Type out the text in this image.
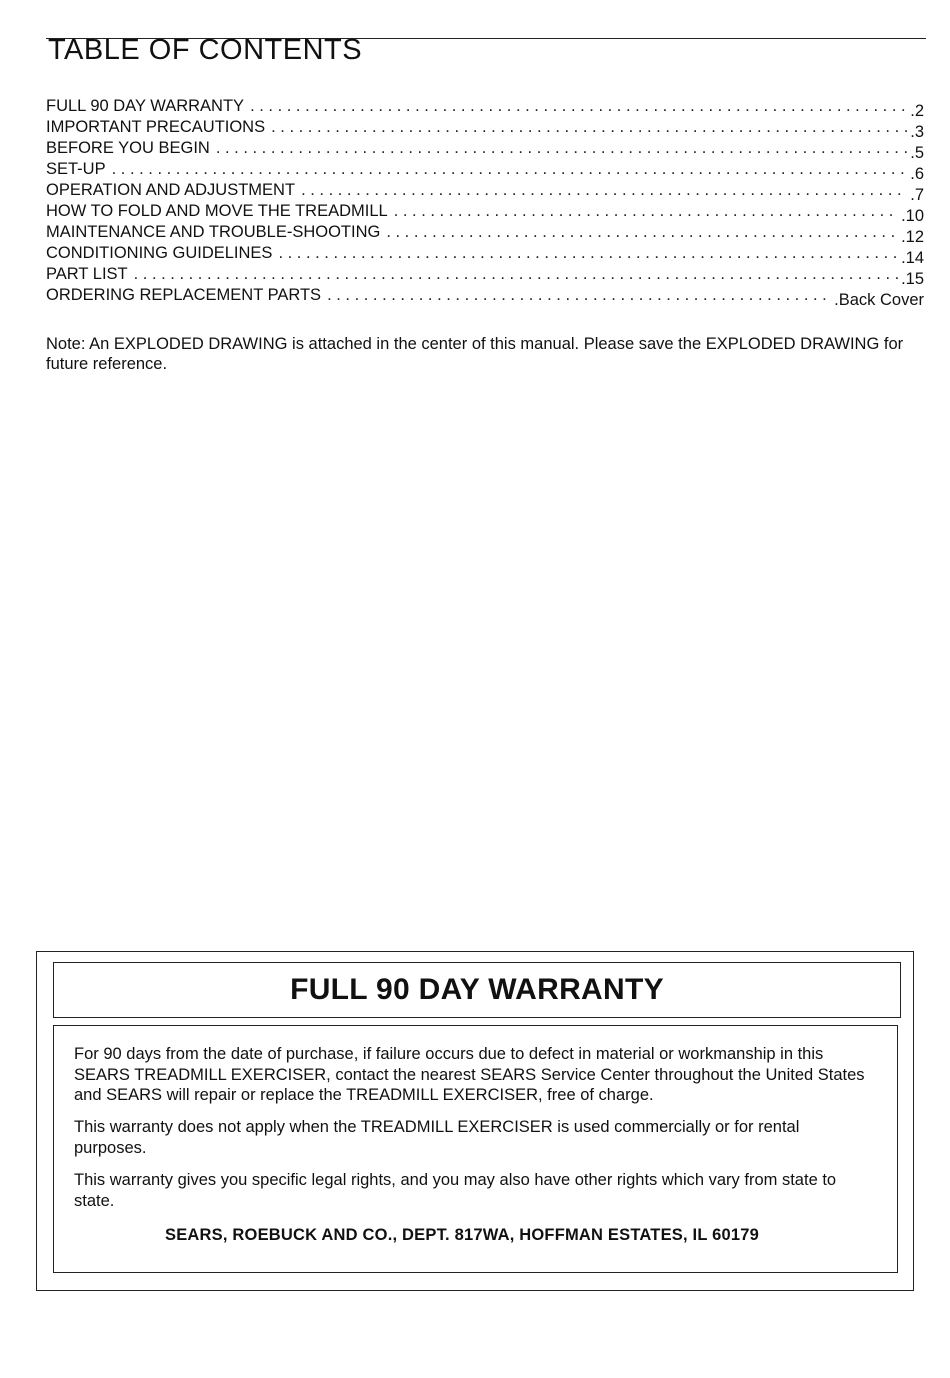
TABLE OF CONTENTS
FULL 90 DAY WARRANTY . . .	.2
IMPORTANT PRECAUTIONS . . .	.3
BEFORE YOU BEGIN . . .	.5
SET-UP . . .	.6
OPERATION AND ADJUSTMENT . . .	.7
HOW TO FOLD AND MOVE THE TREADMILL . . .	.10
MAINTENANCE AND TROUBLE-SHOOTING . . .	.12
CONDITIONING GUIDELINES . . .	.14
PART LIST . . .	.15
ORDERING REPLACEMENT PARTS . . .	.Back Cover

Note: An EXPLODED DRAWING is attached in the center of this manual. Please save the EXPLODED DRAWING for future reference.

FULL 90 DAY WARRANTY

For 90 days from the date of purchase, if failure occurs due to defect in material or workmanship in this SEARS TREADMILL EXERCISER, contact the nearest SEARS Service Center throughout the United States and SEARS will repair or replace the TREADMILL EXERCISER, free of charge.

This warranty does not apply when the TREADMILL EXERCISER is used commercially or for rental purposes.

This warranty gives you specific legal rights, and you may also have other rights which vary from state to state.

SEARS, ROEBUCK AND CO., DEPT. 817WA, HOFFMAN ESTATES, IL 60179
